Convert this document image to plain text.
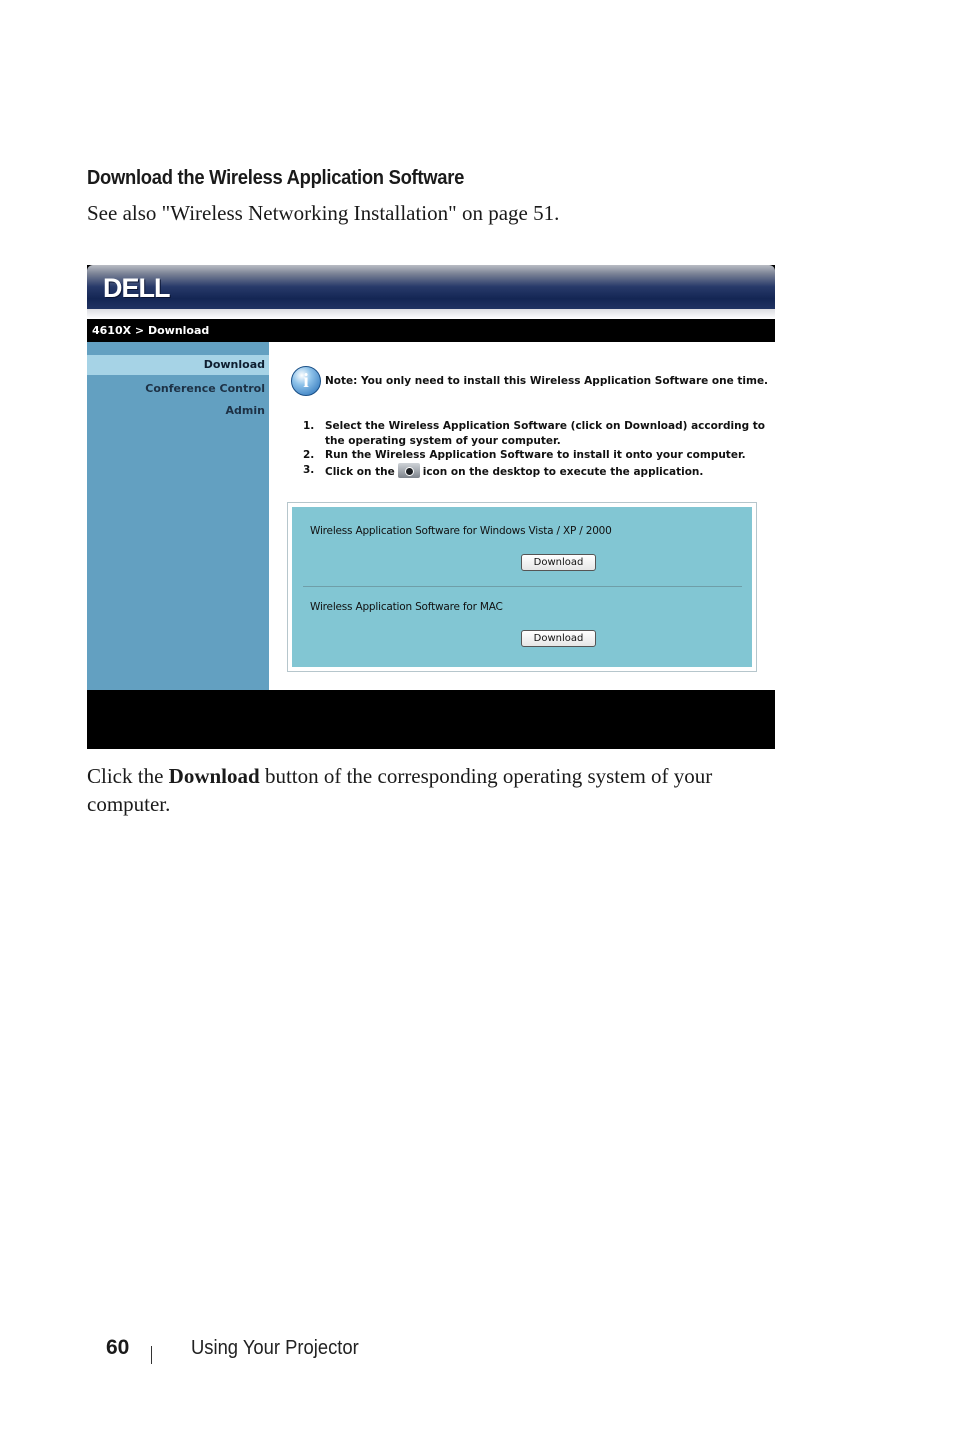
Download the Wireless Application Software
See also "Wireless Networking Installation" on page 51.
DELL
4610X > Download
Download
Conference Control
Admin
i	Note: You only need to install this Wireless Application Software one time.
1. Select the Wireless Application Software (click on Download) according to
the operating system of your computer.
2. Run the Wireless Application Software to install it onto your computer.
3. Click on the	icon on the desktop to execute the application.
Wireless Application Software for Windows Vista / XP / 2000
Download
Wireless Application Software for MAC
Download
Click the Download button of the corresponding operating system of your computer.
60	Using Your Projector
